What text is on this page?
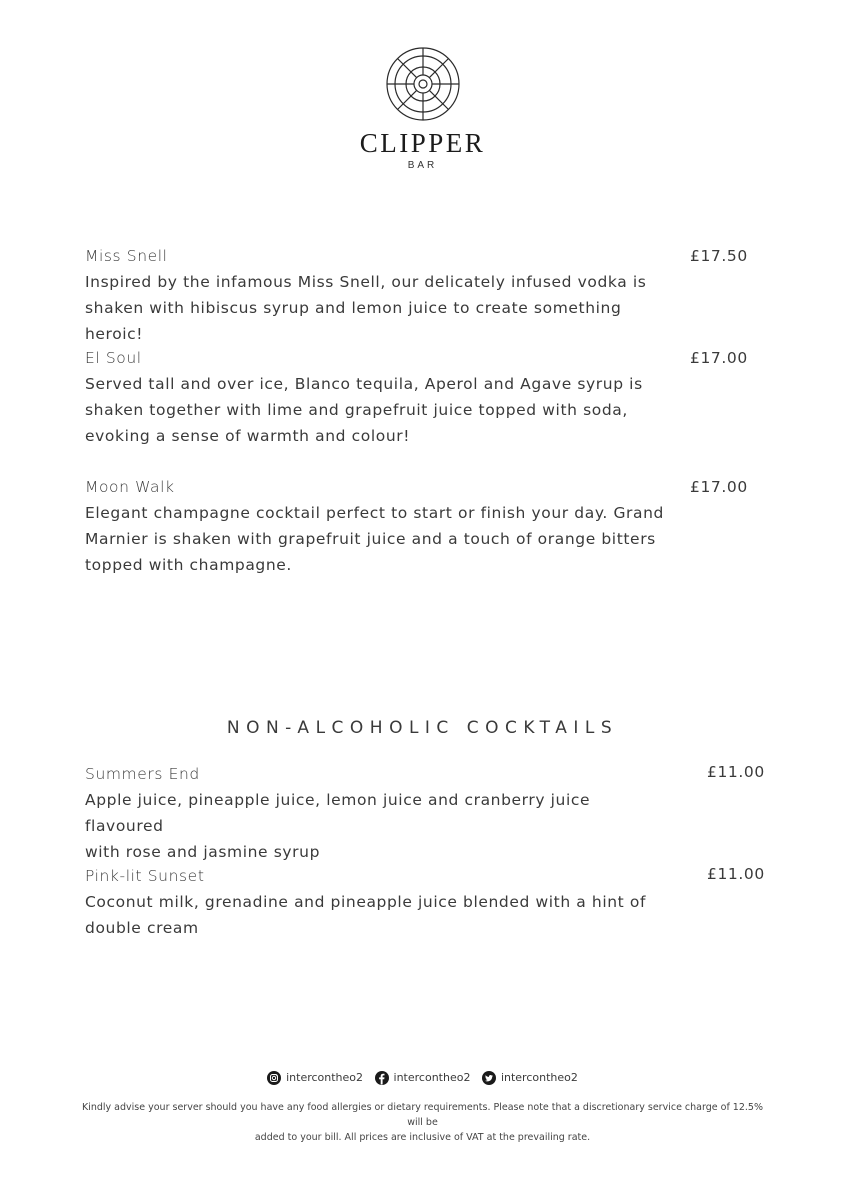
CLIPPER
BAR
Miss Snell
Inspired by the infamous Miss Snell, our delicately infused vodka is
shaken with hibiscus syrup and lemon juice to create something heroic!
£17.50
El Soul
Served tall and over ice, Blanco tequila, Aperol and Agave syrup is
shaken together with lime and grapefruit juice topped with soda,
evoking a sense of warmth and colour!
£17.00
Moon Walk
Elegant champagne cocktail perfect to start or finish your day. Grand
Marnier is shaken with grapefruit juice and a touch of orange bitters
topped with champagne.
£17.00
NON-ALCOHOLIC COCKTAILS
Summers End
Apple juice, pineapple juice, lemon juice and cranberry juice flavoured
with rose and jasmine syrup
£11.00
Pink-lit Sunset
Coconut milk, grenadine and pineapple juice blended with a hint of
double cream
£11.00
intercontheo2
	intercontheo2
	intercontheo2
Kindly advise your server should you have any food allergies or dietary requirements. Please note that a discretionary service charge of 12.5% will be
added to your bill. All prices are inclusive of VAT at the prevailing rate.
